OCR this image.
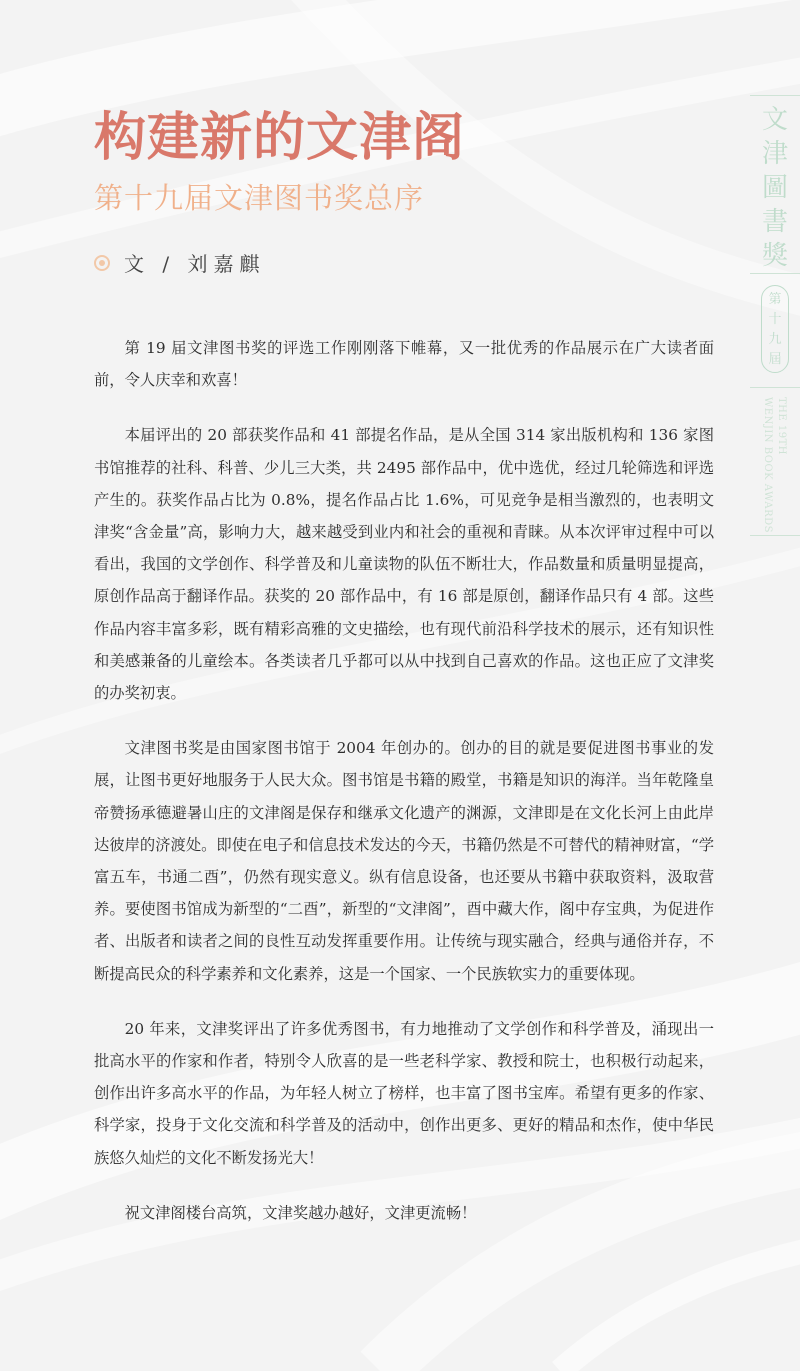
构建新的文津阁
第十九届文津图书奖总序
文 / 刘嘉麒
文
津
圖
書
獎
第
十
九
屆
THE 19TH
WENJIN BOOK AWARDS

第 19 届文津图书奖的评选工作刚刚落下帷幕，又一批优秀的作品展示在广大读者面前，令人庆幸和欢喜！

本届评出的 20 部获奖作品和 41 部提名作品，是从全国 314 家出版机构和 136 家图书馆推荐的社科、科普、少儿三大类，共 2495 部作品中，优中选优，经过几轮筛选和评选产生的。获奖作品占比为 0.8%，提名作品占比 1.6%，可见竞争是相当激烈的，也表明文津奖“含金量”高，影响力大，越来越受到业内和社会的重视和青睐。从本次评审过程中可以看出，我国的文学创作、科学普及和儿童读物的队伍不断壮大，作品数量和质量明显提高，原创作品高于翻译作品。获奖的 20 部作品中，有 16 部是原创，翻译作品只有 4 部。这些作品内容丰富多彩，既有精彩高雅的文史描绘，也有现代前沿科学技术的展示，还有知识性和美感兼备的儿童绘本。各类读者几乎都可以从中找到自己喜欢的作品。这也正应了文津奖的办奖初衷。

文津图书奖是由国家图书馆于 2004 年创办的。创办的目的就是要促进图书事业的发展，让图书更好地服务于人民大众。图书馆是书籍的殿堂，书籍是知识的海洋。当年乾隆皇帝赞扬承德避暑山庄的文津阁是保存和继承文化遗产的渊源，文津即是在文化长河上由此岸达彼岸的济渡处。即使在电子和信息技术发达的今天，书籍仍然是不可替代的精神财富，“学富五车，书通二酉”，仍然有现实意义。纵有信息设备，也还要从书籍中获取资料，汲取营养。要使图书馆成为新型的“二酉”，新型的“文津阁”，酉中藏大作，阁中存宝典，为促进作者、出版者和读者之间的良性互动发挥重要作用。让传统与现实融合，经典与通俗并存，不断提高民众的科学素养和文化素养，这是一个国家、一个民族软实力的重要体现。

20 年来，文津奖评出了许多优秀图书，有力地推动了文学创作和科学普及，涌现出一批高水平的作家和作者，特别令人欣喜的是一些老科学家、教授和院士，也积极行动起来，创作出许多高水平的作品，为年轻人树立了榜样，也丰富了图书宝库。希望有更多的作家、科学家，投身于文化交流和科学普及的活动中，创作出更多、更好的精品和杰作，使中华民族悠久灿烂的文化不断发扬光大！

祝文津阁楼台高筑，文津奖越办越好，文津更流畅！
